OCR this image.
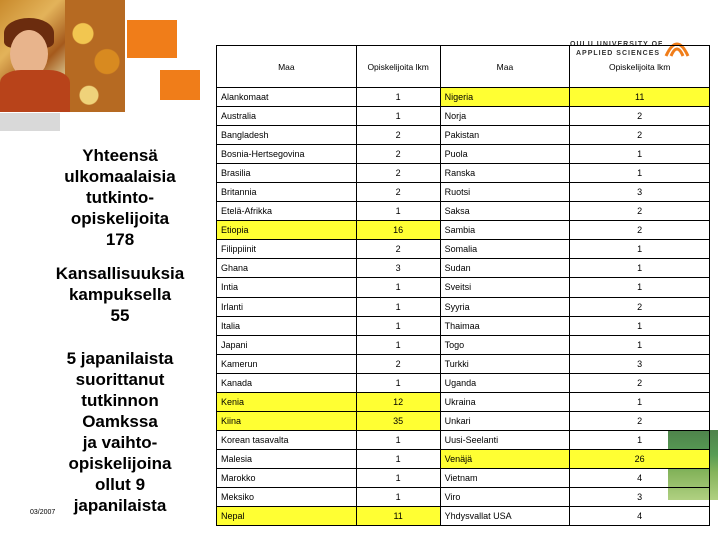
OULU UNIVERSITY OF
APPLIED SCIENCES
Yhteensä
ulkomaalaisia
tutkinto-
opiskelijoita
178
Kansallisuuksia
kampuksella
55
5 japanilaista
suorittanut
tutkinnon
Oamkssa
ja vaihto-
opiskelijoina
ollut 9
japanilaista
03/2007
Maa	Opiskelijoita lkm	Maa	Opiskelijoita lkm
Alankomaat	1	Nigeria	11
Australia	1	Norja	2
Bangladesh	2	Pakistan	2
Bosnia-Hertsegovina	2	Puola	1
Brasilia	2	Ranska	1
Britannia	2	Ruotsi	3
Etelä-Afrikka	1	Saksa	2
Etiopia	16	Sambia	2
Filippiinit	2	Somalia	1
Ghana	3	Sudan	1
Intia	1	Sveitsi	1
Irlanti	1	Syyria	2
Italia	1	Thaimaa	1
Japani	1	Togo	1
Kamerun	2	Turkki	3
Kanada	1	Uganda	2
Kenia	12	Ukraina	1
Kiina	35	Unkari	2
Korean tasavalta	1	Uusi-Seelanti	1
Malesia	1	Venäjä	26
Marokko	1	Vietnam	4
Meksiko	1	Viro	3
Nepal	11	Yhdysvallat USA	4
